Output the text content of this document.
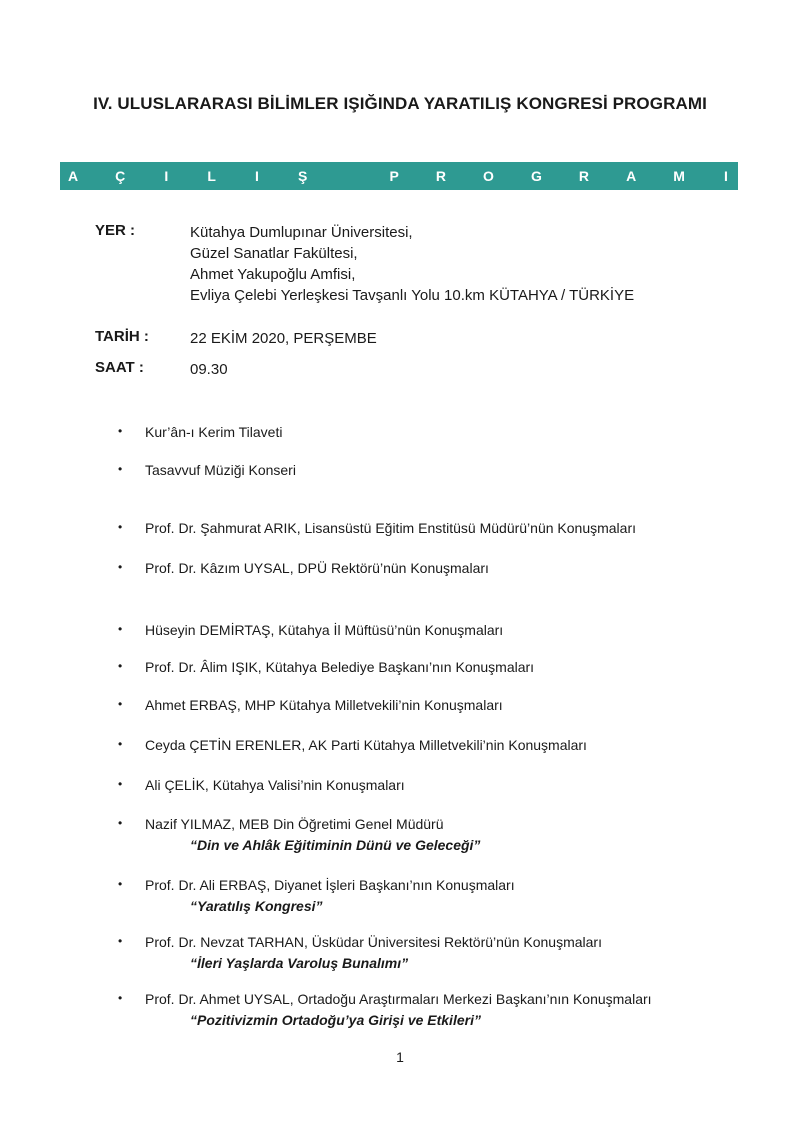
IV. ULUSLARARASI BİLİMLER IŞIĞINDA YARATILIŞ KONGRESİ PROGRAMI
A	Ç	I	L	I	Ş	P	R	O	G	R	A	M	I
YER :	Kütahya Dumlupınar Üniversitesi,
Güzel Sanatlar Fakültesi,
Ahmet Yakupoğlu Amfisi,
Evliya Çelebi Yerleşkesi Tavşanlı Yolu 10.km KÜTAHYA / TÜRKİYE
TARİH :	22 EKİM 2020, PERŞEMBE
SAAT :	09.30
• Kur’ân-ı Kerim Tilaveti
• Tasavvuf Müziği Konseri
• Prof. Dr. Şahmurat ARIK, Lisansüstü Eğitim Enstitüsü Müdürü’nün Konuşmaları
• Prof. Dr. Kâzım UYSAL, DPÜ Rektörü’nün Konuşmaları
• Hüseyin DEMİRTAŞ, Kütahya İl Müftüsü’nün Konuşmaları
• Prof. Dr. Âlim IŞIK, Kütahya Belediye Başkanı’nın Konuşmaları
• Ahmet ERBAŞ, MHP Kütahya Milletvekili’nin Konuşmaları
• Ceyda ÇETİN ERENLER, AK Parti Kütahya Milletvekili’nin Konuşmaları
• Ali ÇELİK, Kütahya Valisi’nin Konuşmaları
• Nazif YILMAZ, MEB Din Öğretimi Genel Müdürü
“Din ve Ahlâk Eğitiminin Dünü ve Geleceği”
• Prof. Dr. Ali ERBAŞ, Diyanet İşleri Başkanı’nın Konuşmaları
“Yaratılış Kongresi”
• Prof. Dr. Nevzat TARHAN, Üsküdar Üniversitesi Rektörü’nün Konuşmaları
“İleri Yaşlarda Varoluş Bunalımı”
• Prof. Dr. Ahmet UYSAL, Ortadoğu Araştırmaları Merkezi Başkanı’nın Konuşmaları
“Pozitivizmin Ortadoğu’ya Girişi ve Etkileri”
1
